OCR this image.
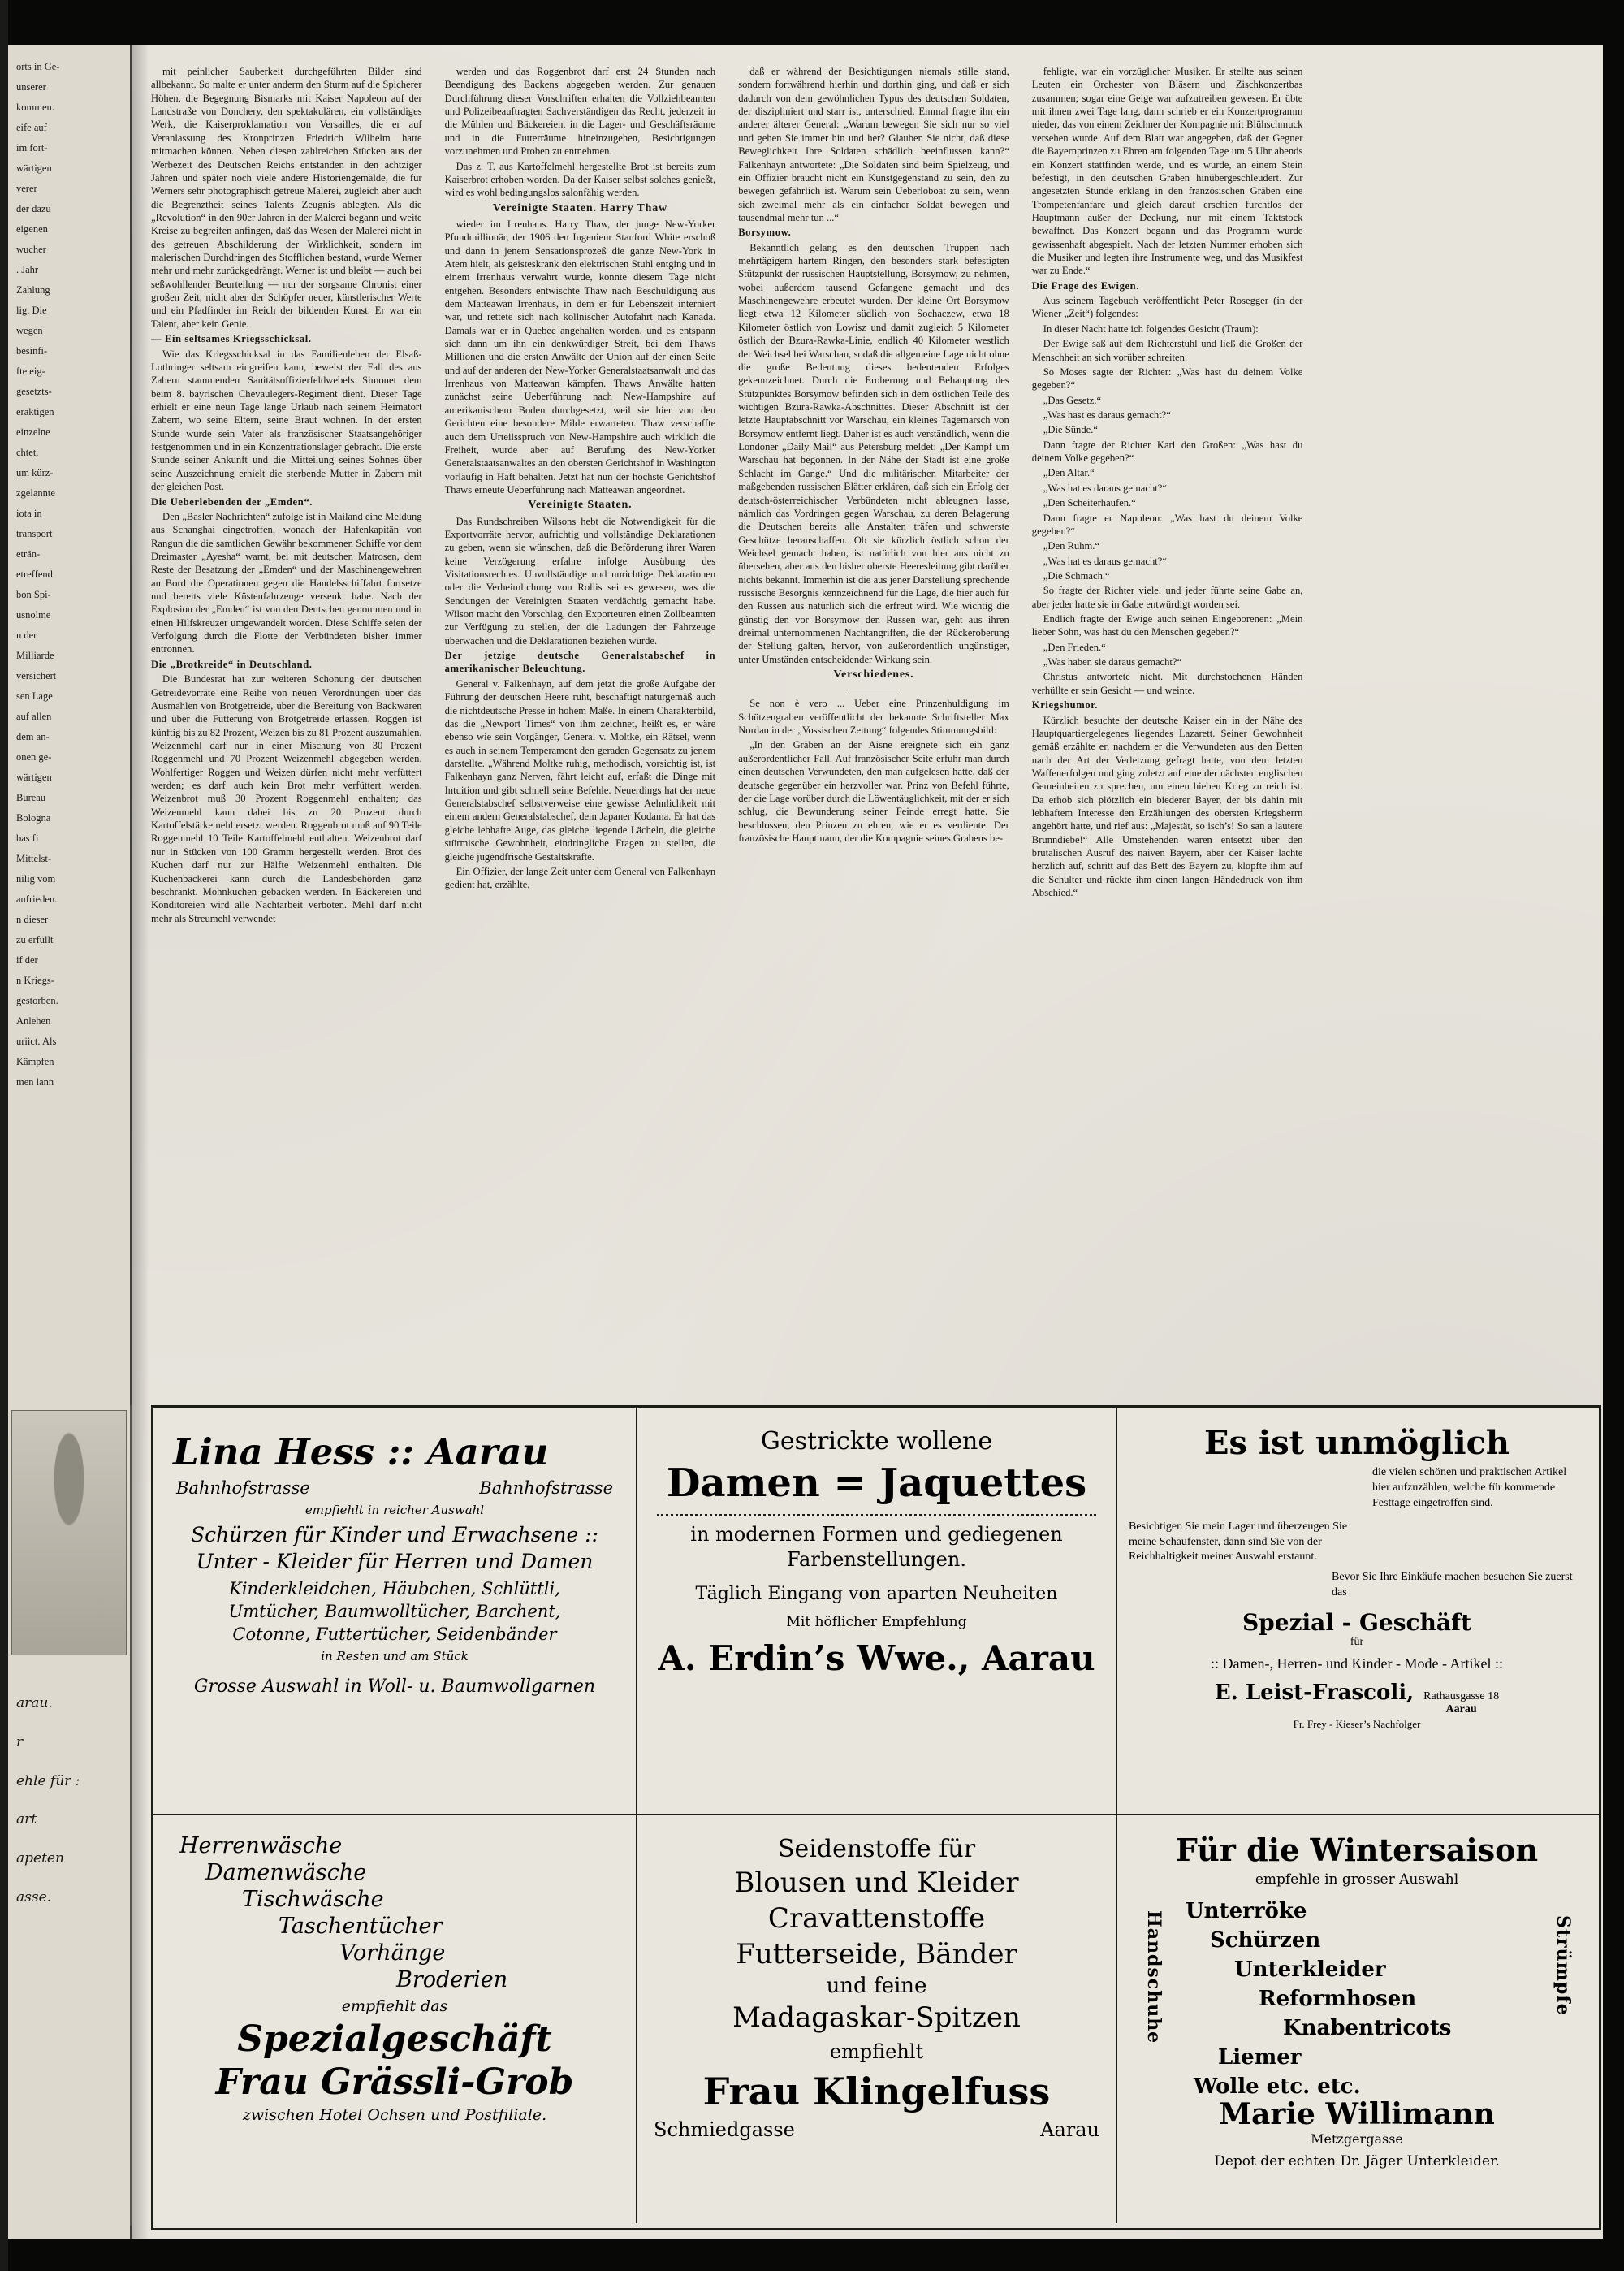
orts in Ge-

unserer

kommen.

eife auf

im fort-

wärtigen

verer

der dazu

eigenen

wucher

. Jahr

Zahlung

lig. Die

wegen

besinfi-

fte eig-

gesetzts-

eraktigen

einzelne

chtet.

um kürz-

zgelannte

iota in

transport

eträn-

etreffend

bon Spi-

usnolme

n der

Milliarde

versichert

sen Lage

auf allen

dem an-

onen ge-

wärtigen

Bureau

Bologna

bas fi

Mittelst-

nilig vom

aufrieden.

n dieser

zu erfüllt

if der

n Kriegs-

gestorben.

Anlehen

uriict. Als

Kämpfen

men lann

mit peinlicher Sauberkeit durchgeführten Bilder sind allbekannt. So malte er unter anderm den Sturm auf die Spicherer Höhen, die Begegnung Bismarks mit Kaiser Napoleon auf der Landstraße von Donchery, den spektakulären, ein vollständiges Werk, die Kaiserproklamation von Versailles, die er auf Veranlassung des Kronprinzen Friedrich Wilhelm hatte mitmachen können. Neben diesen zahlreichen Stücken aus der Werbezeit des Deutschen Reichs entstanden in den achtziger Jahren und später noch viele andere Historiengemälde, die für Werners sehr photographisch getreue Malerei, zugleich aber auch die Begrenztheit seines Talents Zeugnis ablegten. Als die „Revolution“ in den 90er Jahren in der Malerei begann und weite Kreise zu begreifen anfingen, daß das Wesen der Malerei nicht in des getreuen Abschilderung der Wirklichkeit, sondern im malerischen Durchdringen des Stofflichen bestand, wurde Werner mehr und mehr zurückgedrängt. Werner ist und bleibt — auch bei seßwohllender Beurteilung — nur der sorgsame Chronist einer großen Zeit, nicht aber der Schöpfer neuer, künstlerischer Werte und ein Pfadfinder im Reich der bildenden Kunst. Er war ein Talent, aber kein Genie.

— Ein seltsames Kriegsschicksal.

Wie das Kriegsschicksal in das Familienleben der Elsaß-Lothringer seltsam eingreifen kann, beweist der Fall des aus Zabern stammenden Sanitätsoffizierfeldwebels Simonet dem beim 8. bayrischen Chevaulegers-Regiment dient. Dieser Tage erhielt er eine neun Tage lange Urlaub nach seinem Heimatort Zabern, wo seine Eltern, seine Braut wohnen. In der ersten Stunde wurde sein Vater als französischer Staatsangehöriger festgenommen und in ein Konzentrationslager gebracht. Die erste Stunde seiner Ankunft und die Mitteilung seines Sohnes über seine Auszeichnung erhielt die sterbende Mutter in Zabern mit der gleichen Post.

Die Ueberlebenden der „Emden“.

Den „Basler Nachrichten“ zufolge ist in Mailand eine Meldung aus Schanghai eingetroffen, wonach der Hafenkapitän von Rangun die die samtlichen Gewähr bekommenen Schiffe vor dem Dreimaster „Ayesha“ warnt, bei mit deutschen Matrosen, dem Reste der Besatzung der „Emden“ und der Maschinengewehren an Bord die Operationen gegen die Handelsschiffahrt fortsetze und bereits viele Küstenfahrzeuge versenkt habe. Nach der Explosion der „Emden“ ist von den Deutschen genommen und in einen Hilfskreuzer umgewandelt worden. Diese Schiffe seien der Verfolgung durch die Flotte der Verbündeten bisher immer entronnen.

Die „Brotkreide“ in Deutschland.

Die Bundesrat hat zur weiteren Schonung der deutschen Getreidevorräte eine Reihe von neuen Verordnungen über das Ausmahlen von Brotgetreide, über die Bereitung von Backwaren und über die Fütterung von Brotgetreide erlassen. Roggen ist künftig bis zu 82 Prozent, Weizen bis zu 81 Prozent auszumahlen. Weizenmehl darf nur in einer Mischung von 30 Prozent Roggenmehl und 70 Prozent Weizenmehl abgegeben werden. Wohlfertiger Roggen und Weizen dürfen nicht mehr verfüttert werden; es darf auch kein Brot mehr verfüttert werden. Weizenbrot muß 30 Prozent Roggenmehl enthalten; das Weizenmehl kann dabei bis zu 20 Prozent durch Kartoffelstärkemehl ersetzt werden. Roggenbrot muß auf 90 Teile Roggenmehl 10 Teile Kartoffelmehl enthalten. Weizenbrot darf nur in Stücken von 100 Gramm hergestellt werden. Brot des Kuchen darf nur zur Hälfte Weizenmehl enthalten. Die Kuchenbäckerei kann durch die Landesbehörden ganz beschränkt. Mohnkuchen gebacken werden. In Bäckereien und Konditoreien wird alle Nachtarbeit verboten. Mehl darf nicht mehr als Streumehl verwendet

werden und das Roggenbrot darf erst 24 Stunden nach Beendigung des Backens abgegeben werden. Zur genauen Durchführung dieser Vorschriften erhalten die Vollziehbeamten und Polizeibeauftragten Sachverständigen das Recht, jederzeit in die Mühlen und Bäckereien, in die Lager- und Geschäftsräume und in die Futterräume hineinzugehen, Besichtigungen vorzunehmen und Proben zu entnehmen.

Das z. T. aus Kartoffelmehl hergestellte Brot ist bereits zum Kaiserbrot erhoben worden. Da der Kaiser selbst solches genießt, wird es wohl bedingungslos salonfähig werden.

Vereinigte Staaten. Harry Thaw

wieder im Irrenhaus. Harry Thaw, der junge New-Yorker Pfundmillionär, der 1906 den Ingenieur Stanford White erschoß und dann in jenem Sensationsprozeß die ganze New-York in Atem hielt, als geisteskrank den elektrischen Stuhl entging und in einem Irrenhaus verwahrt wurde, konnte diesem Tage nicht entgehen. Besonders entwischte Thaw nach Beschuldigung aus dem Matteawan Irrenhaus, in dem er für Lebenszeit interniert war, und rettete sich nach köllnischer Autofahrt nach Kanada. Damals war er in Quebec angehalten worden, und es entspann sich dann um ihn ein denkwürdiger Streit, bei dem Thaws Millionen und die ersten Anwälte der Union auf der einen Seite und auf der anderen der New-Yorker Generalstaatsanwalt und das Irrenhaus von Matteawan kämpfen. Thaws Anwälte hatten zunächst seine Ueberführung nach New-Hampshire auf amerikanischem Boden durchgesetzt, weil sie hier von den Gerichten eine besondere Milde erwarteten. Thaw verschaffte auch dem Urteilsspruch von New-Hampshire auch wirklich die Freiheit, wurde aber auf Berufung des New-Yorker Generalstaatsanwaltes an den obersten Gerichtshof in Washington vorläufig in Haft behalten. Jetzt hat nun der höchste Gerichtshof Thaws erneute Ueberführung nach Matteawan angeordnet.

Vereinigte Staaten.

Das Rundschreiben Wilsons hebt die Notwendigkeit für die Exportvorräte hervor, aufrichtig und vollständige Deklarationen zu geben, wenn sie wünschen, daß die Beförderung ihrer Waren keine Verzögerung erfahre infolge Ausübung des Visitationsrechtes. Unvollständige und unrichtige Deklarationen oder die Verheimlichung von Rollis sei es gewesen, was die Sendungen der Vereinigten Staaten verdächtig gemacht habe. Wilson macht den Vorschlag, den Exporteuren einen Zollbeamten zur Verfügung zu stellen, der die Ladungen der Fahrzeuge überwachen und die Deklarationen beziehen würde.

Der jetzige deutsche Generalstabschef in amerikanischer Beleuchtung.

General v. Falkenhayn, auf dem jetzt die große Aufgabe der Führung der deutschen Heere ruht, beschäftigt naturgemäß auch die nichtdeutsche Presse in hohem Maße. In einem Charakterbild, das die „Newport Times“ von ihm zeichnet, heißt es, er wäre ebenso wie sein Vorgänger, General v. Moltke, ein Rätsel, wenn es auch in seinem Temperament den geraden Gegensatz zu jenem darstellte. „Während Moltke ruhig, methodisch, vorsichtig ist, ist Falkenhayn ganz Nerven, fährt leicht auf, erfaßt die Dinge mit Intuition und gibt schnell seine Befehle. Neuerdings hat der neue Generalstabschef selbstverweise eine gewisse Aehnlichkeit mit einem andern Generalstabschef, dem Japaner Kodama. Er hat das gleiche lebhafte Auge, das gleiche liegende Lächeln, die gleiche stürmische Gewohnheit, eindringliche Fragen zu stellen, die gleiche jugendfrische Gestaltskräfte.

Ein Offizier, der lange Zeit unter dem General von Falkenhayn gedient hat, erzählte,

daß er während der Besichtigungen niemals stille stand, sondern fortwährend hierhin und dorthin ging, und daß er sich dadurch von dem gewöhnlichen Typus des deutschen Soldaten, der diszipliniert und starr ist, unterschied. Einmal fragte ihn ein anderer älterer General: „Warum bewegen Sie sich nur so viel und gehen Sie immer hin und her? Glauben Sie nicht, daß diese Beweglichkeit Ihre Soldaten schädlich beeinflussen kann?“ Falkenhayn antwortete: „Die Soldaten sind beim Spielzeug, und ein Offizier braucht nicht ein Kunstgegenstand zu sein, den zu bewegen gefährlich ist. Warum sein Ueberloboat zu sein, wenn sich zweimal mehr als ein einfacher Soldat bewegen und tausendmal mehr tun ...“

Borsymow.

Bekanntlich gelang es den deutschen Truppen nach mehrtägigem hartem Ringen, den besonders stark befestigten Stützpunkt der russischen Hauptstellung, Borsymow, zu nehmen, wobei außerdem tausend Gefangene gemacht und des Maschinengewehre erbeutet wurden. Der kleine Ort Borsymow liegt etwa 12 Kilometer südlich von Sochaczew, etwa 18 Kilometer östlich von Lowisz und damit zugleich 5 Kilometer östlich der Bzura-Rawka-Linie, endlich 40 Kilometer westlich der Weichsel bei Warschau, sodaß die allgemeine Lage nicht ohne die große Bedeutung dieses bedeutenden Erfolges gekennzeichnet. Durch die Eroberung und Behauptung des Stützpunktes Borsymow befinden sich in dem östlichen Teile des wichtigen Bzura-Rawka-Abschnittes. Dieser Abschnitt ist der letzte Hauptabschnitt vor Warschau, ein kleines Tagemarsch von Borsymow entfernt liegt. Daher ist es auch verständlich, wenn die Londoner „Daily Mail“ aus Petersburg meldet: „Der Kampf um Warschau hat begonnen. In der Nähe der Stadt ist eine große Schlacht im Gange.“ Und die militärischen Mitarbeiter der maßgebenden russischen Blätter erklären, daß sich ein Erfolg der deutsch-österreichischer Verbündeten nicht ableugnen lasse, nämlich das Vordringen gegen Warschau, zu deren Belagerung die Deutschen bereits alle Anstalten träfen und schwerste Geschütze heranschaffen. Ob sie kürzlich östlich schon der Weichsel gemacht haben, ist natürlich von hier aus nicht zu übersehen, aber aus den bisher oberste Heeresleitung gibt darüber nichts bekannt. Immerhin ist die aus jener Darstellung sprechende russische Besorgnis kennzeichnend für die Lage, die hier auch für den Russen aus natürlich sich die erfreut wird. Wie wichtig die günstig den vor Borsymow den Russen war, geht aus ihren dreimal unternommenen Nachtangriffen, die der Rückeroberung der Stellung galten, hervor, von außerordentlich ungünstiger, unter Umständen entscheidender Wirkung sein.

Verschiedenes.

Se non è vero ... Ueber eine Prinzenhuldigung im Schützengraben veröffentlicht der bekannte Schriftsteller Max Nordau in der „Vossischen Zeitung“ folgendes Stimmungsbild:

„In den Gräben an der Aisne ereignete sich ein ganz außerordentlicher Fall. Auf französischer Seite erfuhr man durch einen deutschen Verwundeten, den man aufgelesen hatte, daß der deutsche gegenüber ein herzvoller war. Prinz von Befehl führte, der die Lage vorüber durch die Löwentäuglichkeit, mit der er sich schlug, die Bewunderung seiner Feinde erregt hatte. Sie beschlossen, den Prinzen zu ehren, wie er es verdiente. Der französische Hauptmann, der die Kompagnie seines Grabens be-

fehligte, war ein vorzüglicher Musiker. Er stellte aus seinen Leuten ein Orchester von Bläsern und Zischkonzertbas zusammen; sogar eine Geige war aufzutreiben gewesen. Er übte mit ihnen zwei Tage lang, dann schrieb er ein Konzertprogramm nieder, das von einem Zeichner der Kompagnie mit Blühschmuck versehen wurde. Auf dem Blatt war angegeben, daß der Gegner die Bayernprinzen zu Ehren am folgenden Tage um 5 Uhr abends ein Konzert stattfinden werde, und es wurde, an einem Stein befestigt, in den deutschen Graben hinübergeschleudert. Zur angesetzten Stunde erklang in den französischen Gräben eine Trompetenfanfare und gleich darauf erschien furchtlos der Hauptmann außer der Deckung, nur mit einem Taktstock bewaffnet. Das Konzert begann und das Programm wurde gewissenhaft abgespielt. Nach der letzten Nummer erhoben sich die Musiker und legten ihre Instrumente weg, und das Musikfest war zu Ende.“

Die Frage des Ewigen.

Aus seinem Tagebuch veröffentlicht Peter Rosegger (in der Wiener „Zeit“) folgendes:

In dieser Nacht hatte ich folgendes Gesicht (Traum):

Der Ewige saß auf dem Richterstuhl und ließ die Großen der Menschheit an sich vorüber schreiten.

So Moses sagte der Richter: „Was hast du deinem Volke gegeben?“

„Das Gesetz.“

„Was hast es daraus gemacht?“

„Die Sünde.“

Dann fragte der Richter Karl den Großen: „Was hast du deinem Volke gegeben?“

„Den Altar.“

„Was hat es daraus gemacht?“

„Den Scheiterhaufen.“

Dann fragte er Napoleon: „Was hast du deinem Volke gegeben?“

„Den Ruhm.“

„Was hat es daraus gemacht?“

„Die Schmach.“

So fragte der Richter viele, und jeder führte seine Gabe an, aber jeder hatte sie in Gabe entwürdigt worden sei.

Endlich fragte der Ewige auch seinen Eingeborenen: „Mein lieber Sohn, was hast du den Menschen gegeben?“

„Den Frieden.“

„Was haben sie daraus gemacht?“

Christus antwortete nicht. Mit durchstochenen Händen verhüllte er sein Gesicht — und weinte.

Kriegshumor.

Kürzlich besuchte der deutsche Kaiser ein in der Nähe des Hauptquartiergelegenes liegendes Lazarett. Seiner Gewohnheit gemäß erzählte er, nachdem er die Verwundeten aus den Betten nach der Art der Verletzung gefragt hatte, von dem letzten Waffenerfolgen und ging zuletzt auf eine der nächsten englischen Gemeinheiten zu sprechen, um einen hieben Krieg zu reich ist. Da erhob sich plötzlich ein biederer Bayer, der bis dahin mit lebhaftem Interesse den Erzählungen des obersten Kriegsherrn angehört hatte, und rief aus: „Majestät, so isch’s! So san a lautere Brunndiebe!“ Alle Umstehenden waren entsetzt über den brutalischen Ausruf des naiven Bayern, aber der Kaiser lachte herzlich auf, schritt auf das Bett des Bayern zu, klopfte ihm auf die Schulter und rückte ihm einen langen Händedruck von ihm Abschied.“

arau.
r
ehle für :
art
apeten
asse.
Lina Hess :: Aarau
Bahnhofstrasse	Bahnhofstrasse
empfiehlt in reicher Auswahl
Schürzen für Kinder und Erwachsene ::
Unter - Kleider für Herren und Damen
Kinderkleidchen, Häubchen, Schlüttli,
Umtücher, Baumwolltücher, Barchent,
Cotonne, Futtertücher, Seidenbänder
in Resten und am Stück
Grosse Auswahl in Woll- u. Baumwollgarnen
Gestrickte wollene
Damen = Jaquettes
in modernen Formen und gediegenen
Farbenstellungen.
Täglich Eingang von aparten Neuheiten
Mit höflicher Empfehlung
A. Erdin’s Wwe., Aarau
Es ist unmöglich
die vielen schönen und praktischen Artikel hier aufzuzählen, welche für kommende Festtage eingetroffen sind.
Besichtigen Sie mein Lager und überzeugen Sie meine Schaufenster, dann sind Sie von der Reichhaltigkeit meiner Auswahl erstaunt.
Bevor Sie Ihre Einkäufe machen besuchen Sie zuerst das
Spezial - Geschäft
für
:: Damen-, Herren- und Kinder - Mode - Artikel ::
E. Leist-Frascoli, Rathausgasse 18
Aarau
Fr. Frey - Kieser’s Nachfolger
Herrenwäsche
Damenwäsche
Tischwäsche
Taschentücher
Vorhänge
Broderien
empfiehlt das
Spezialgeschäft
Frau Grässli-Grob
zwischen Hotel Ochsen und Postfiliale.
Seidenstoffe für
Blousen und Kleider
Cravattenstoffe
Futterseide, Bänder
und feine
Madagaskar-Spitzen
empfiehlt
Frau Klingelfuss
Schmiedgasse	Aarau
Für die Wintersaison
empfehle in grosser Auswahl
Handschuhe	Strümpfe
Unterröke
Schürzen
Unterkleider
Reformhosen
Knabentricots
Liemer
Wolle etc. etc.
Marie Willimann
Metzgergasse
Depot der echten Dr. Jäger Unterkleider.
